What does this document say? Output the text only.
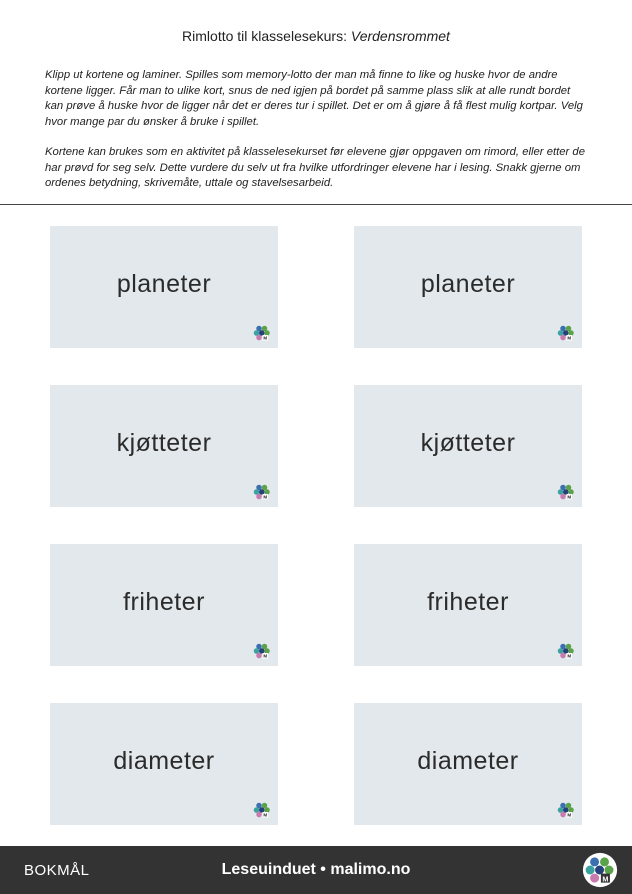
Rimlotto til klasselesekurs: Verdensrommet

Klipp ut kortene og laminer. Spilles som memory-lotto der man må finne to like og huske hvor de andre kortene ligger. Får man to ulike kort, snus de ned igjen på bordet på samme plass slik at alle rundt bordet kan prøve å huske hvor de ligger når det er deres tur i spillet. Det er om å gjøre å få flest mulig kortpar. Velg hvor mange par du ønsker å bruke i spillet.

Kortene kan brukes som en aktivitet på klasselesekurset før elevene gjør oppgaven om rimord, eller etter de har prøvd for seg selv. Dette vurdere du selv ut fra hvilke utfordringer elevene har i lesing. Snakk gjerne om ordenes betydning, skrivemåte, uttale og stavelsesarbeid.

planeter
M
planeter
M
kjøtteter
M
kjøtteter
M
friheter
M
friheter
M
diameter
M
diameter
M
BOKMÅL	Leseuinduet • malimo.no
M
